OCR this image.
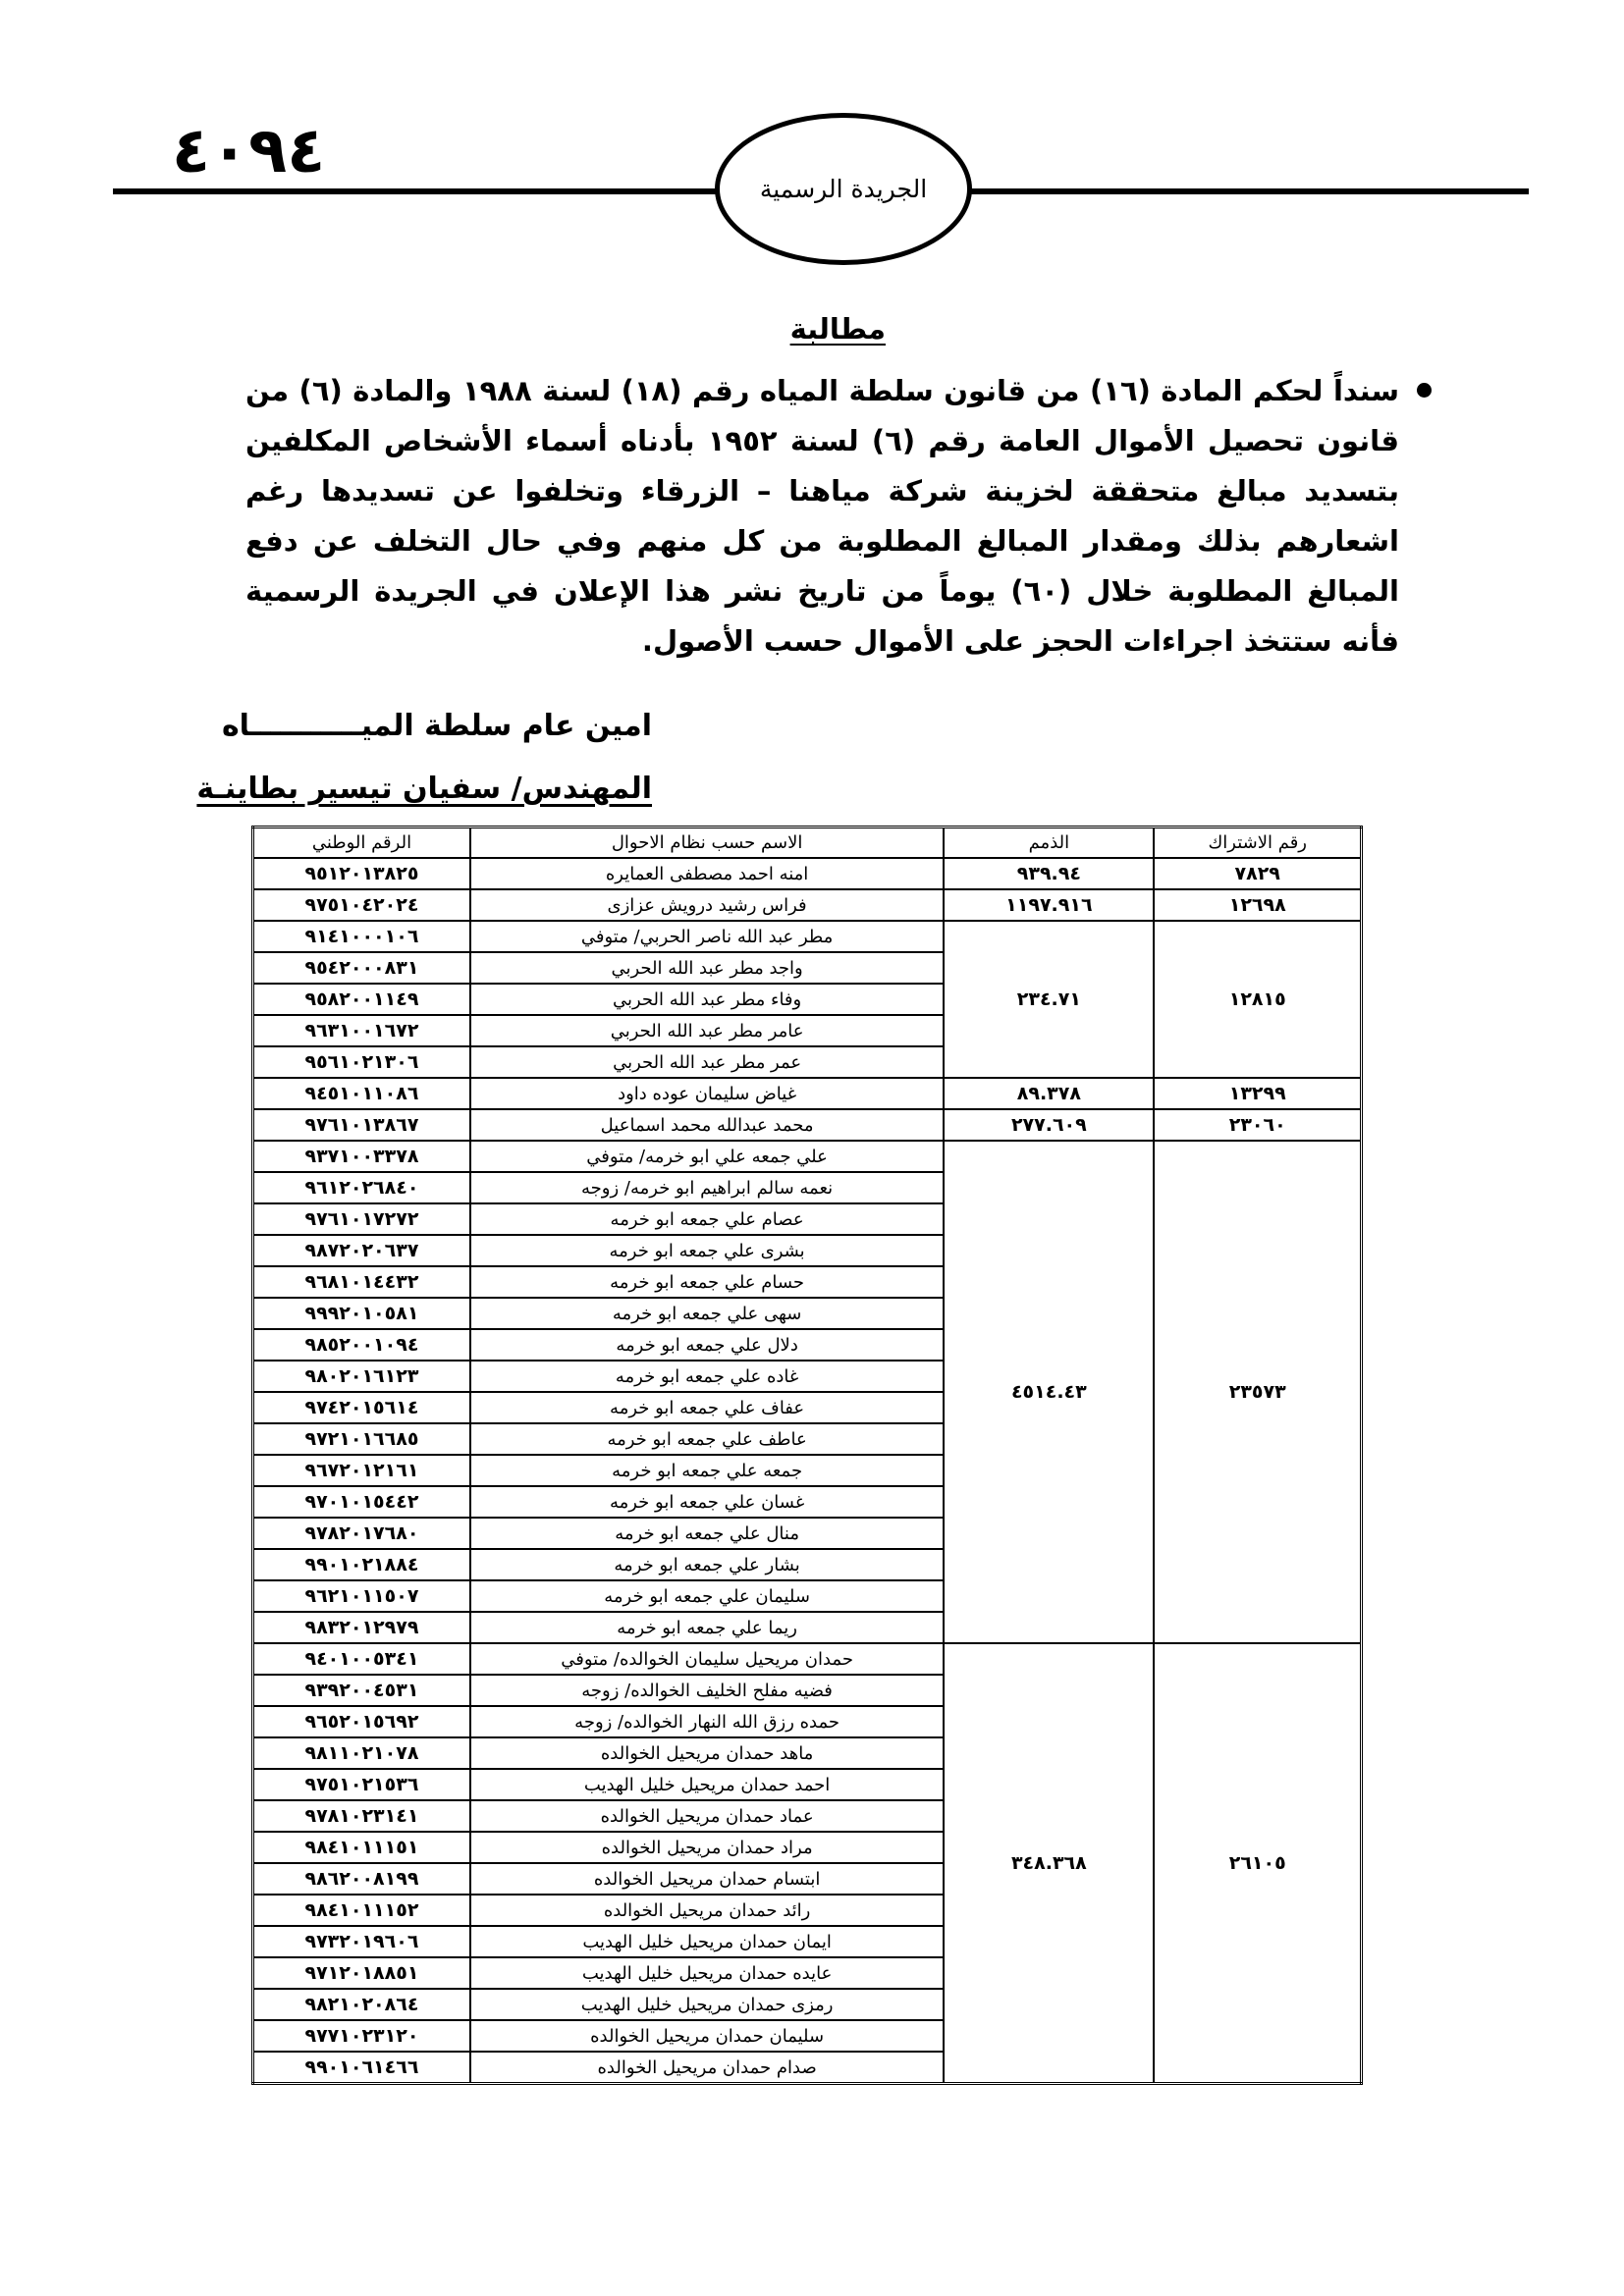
٤٠٩٤
الجريدة الرسمية
مطالبة

سنداً لحكم المادة (١٦) من قانون سلطة المياه رقم (١٨) لسنة ١٩٨٨ والمادة (٦) من قانون تحصيل الأموال العامة رقم (٦) لسنة ١٩٥٢ بأدناه أسماء الأشخاص المكلفين بتسديد مبالغ متحققة لخزينة شركة مياهنا – الزرقاء وتخلفوا عن تسديدها رغم اشعارهم بذلك ومقدار المبالغ المطلوبة من كل منهم وفي حال التخلف عن دفع المبالغ المطلوبة خلال (٦٠) يوماً من تاريخ نشر هذا الإعلان في الجريدة الرسمية فأنه ستتخذ اجراءات الحجز على الأموال حسب الأصول.

امين عام سلطة الميـــــــــــاه
المهندس/ سفيان تيسير بطاينـة
الرقم الوطني	الاسم حسب نظام الاحوال	الذمم	رقم الاشتراك
٩٥١٢٠١٣٨٢٥	امنه احمد مصطفى العمايره	٩٣٩.٩٤	٧٨٢٩
٩٧٥١٠٤٢٠٢٤	فراس رشيد درويش عزازى	١١٩٧.٩١٦	١٢٦٩٨
٩١٤١٠٠٠١٠٦	مطر عبد الله ناصر الحربي/ متوفي	٢٣٤.٧١	١٢٨١٥
٩٥٤٢٠٠٠٨٣١	واجد مطر عبد الله الحربي		
٩٥٨٢٠٠١١٤٩	وفاء مطر عبد الله الحربي		
٩٦٣١٠٠١٦٧٢	عامر مطر عبد الله الحربي		
٩٥٦١٠٢١٣٠٦	عمر مطر عبد الله الحربي		
٩٤٥١٠١١٠٨٦	غياض سليمان عوده داود	٨٩.٣٧٨	١٣٢٩٩
٩٧٦١٠١٣٨٦٧	محمد عبدالله محمد اسماعيل	٢٧٧.٦٠٩	٢٣٠٦٠
٩٣٧١٠٠٣٣٧٨	علي جمعه علي ابو خرمه/ متوفي	٤٥١٤.٤٣	٢٣٥٧٣
٩٦١٢٠٢٦٨٤٠	نعمه سالم ابراهيم ابو خرمه/ زوجه		
٩٧٦١٠١٧٢٧٢	عصام علي جمعه ابو خرمه		
٩٨٧٢٠٢٠٦٣٧	بشرى علي جمعه ابو خرمه		
٩٦٨١٠١٤٤٣٢	حسام علي جمعه ابو خرمه		
٩٩٩٢٠١٠٥٨١	سهى علي جمعه ابو خرمه		
٩٨٥٢٠٠١٠٩٤	دلال علي جمعه ابو خرمه		
٩٨٠٢٠١٦١٢٣	غاده علي جمعه ابو خرمه		
٩٧٤٢٠١٥٦١٤	عفاف علي جمعه ابو خرمه		
٩٧٢١٠١٦٦٨٥	عاطف علي جمعه ابو خرمه		
٩٦٧٢٠١٢١٦١	جمعه علي جمعه ابو خرمه		
٩٧٠١٠١٥٤٤٢	غسان علي جمعه ابو خرمه		
٩٧٨٢٠١٧٦٨٠	منال علي جمعه ابو خرمه		
٩٩٠١٠٢١٨٨٤	بشار علي جمعه ابو خرمه		
٩٦٢١٠١١٥٠٧	سليمان علي جمعه ابو خرمه		
٩٨٣٢٠١٢٩٧٩	ريما علي جمعه ابو خرمه		
٩٤٠١٠٠٥٣٤١	حمدان مريحيل سليمان الخوالده/ متوفي	٣٤٨.٣٦٨	٢٦١٠٥
٩٣٩٢٠٠٤٥٣١	فضيه مفلح الخليف الخوالده/ زوجه		
٩٦٥٢٠١٥٦٩٢	حمده رزق الله النهار الخوالده/ زوجه		
٩٨١١٠٢١٠٧٨	ماهد حمدان مريحيل الخوالده		
٩٧٥١٠٢١٥٣٦	احمد حمدان مريحيل خليل الهديب		
٩٧٨١٠٢٣١٤١	عماد حمدان مريحيل الخوالده		
٩٨٤١٠١١١٥١	مراد حمدان مريحيل الخوالده		
٩٨٦٢٠٠٨١٩٩	ابتسام حمدان مريحيل الخوالده		
٩٨٤١٠١١١٥٢	رائد حمدان مريحيل الخوالده		
٩٧٣٢٠١٩٦٠٦	ايمان حمدان مريحيل خليل الهديب		
٩٧١٢٠١٨٨٥١	عايده حمدان مريحيل خليل الهديب		
٩٨٢١٠٢٠٨٦٤	رمزى حمدان مريحيل خليل الهديب		
٩٧٧١٠٢٣١٢٠	سليمان حمدان مريحيل الخوالده		
٩٩٠١٠٦١٤٦٦	صدام حمدان مريحيل الخوالده		
